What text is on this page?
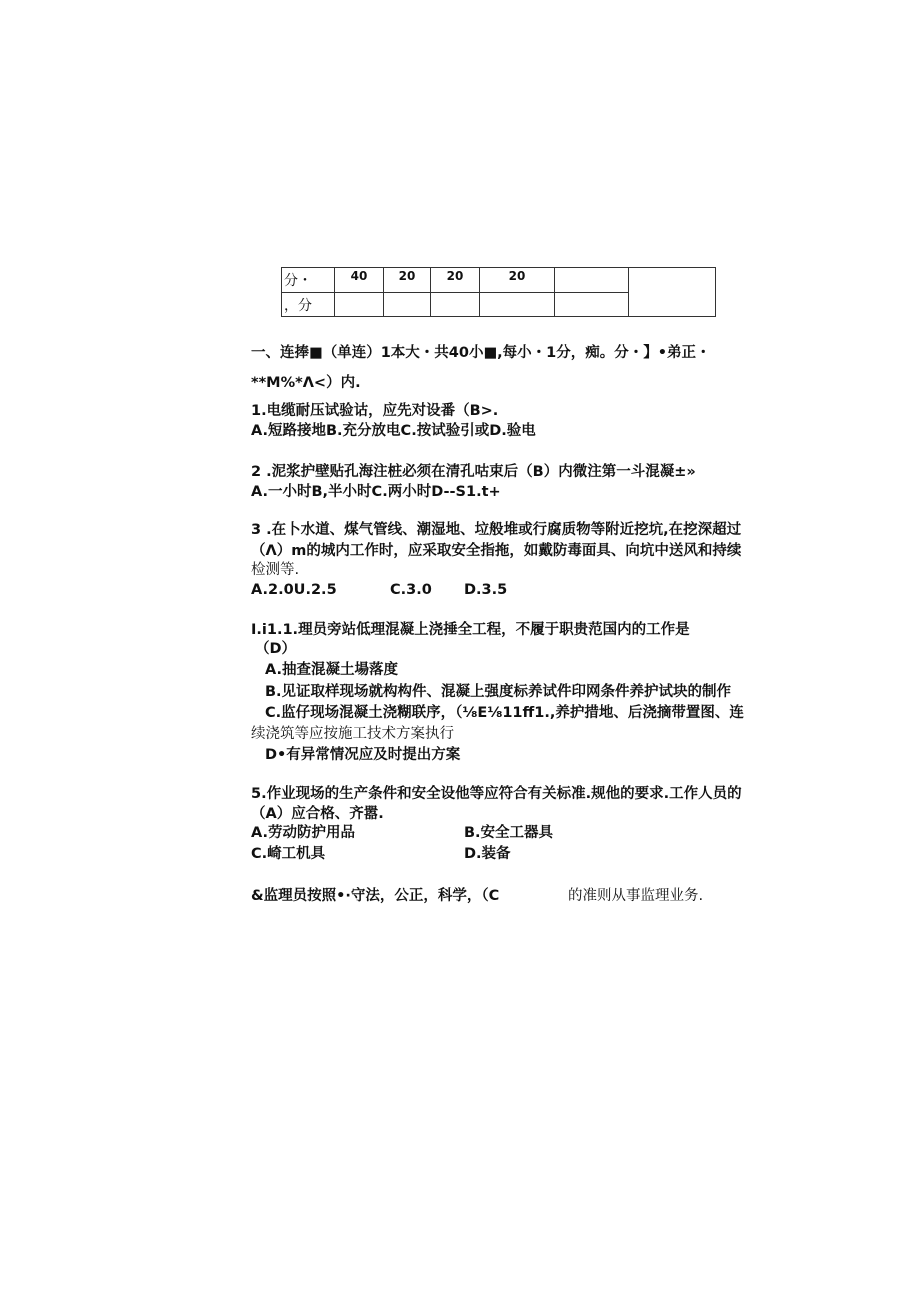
分・	40	20	20	20		
，分						
一、连捧■（单连）1本大・共40小■,每小・1分，痴。分・】•弟正・
**M%*Λ<）内.
1.电缆耐压试验诂，应先对设番（B>.
A.短路接地B.充分放电C.按试验引或D.验电
2 .泥浆护壁贴孔海注桩必须在清孔咕束后（B）内微注第一斗混凝±»
A.一小时B,半小时C.两小时D--S1.t+
3 .在卜水道、煤气管线、潮湿地、垃般堆或行腐质物等附近挖坑,在挖深超过
（Λ）m的城内工作时，应采取安全指拖，如戴防毒面具、向坑中送风和持续
检测等.
A.2.0U.2.5	C.3.0 D.3.5
I.i1.1.理员旁站低理混凝上浇捶全工程，不履于职贵范国内的工作是
（D）
A.抽查混凝土場落度
B.见证取样现场就构构件、混凝上强度标养试件印网条件养护试块的制作
C.监仔现场混凝土浇糊联序，（⅛E⅛11ff1.,养护措地、后浇摘带置图、连
续浇筑等应按施工技术方案执行
D•有异常情况应及时提出方案
5.作业现场的生产条件和安全设他等应符合有关标准.规他的要求.工作人员的
（A）应合格、齐嚣.
A.劳动防护用品	B.安全工器具
C.崎工机具	D.装备
&监理员按照•·守法，公正，科学，（C	的准则从事监理业务.
